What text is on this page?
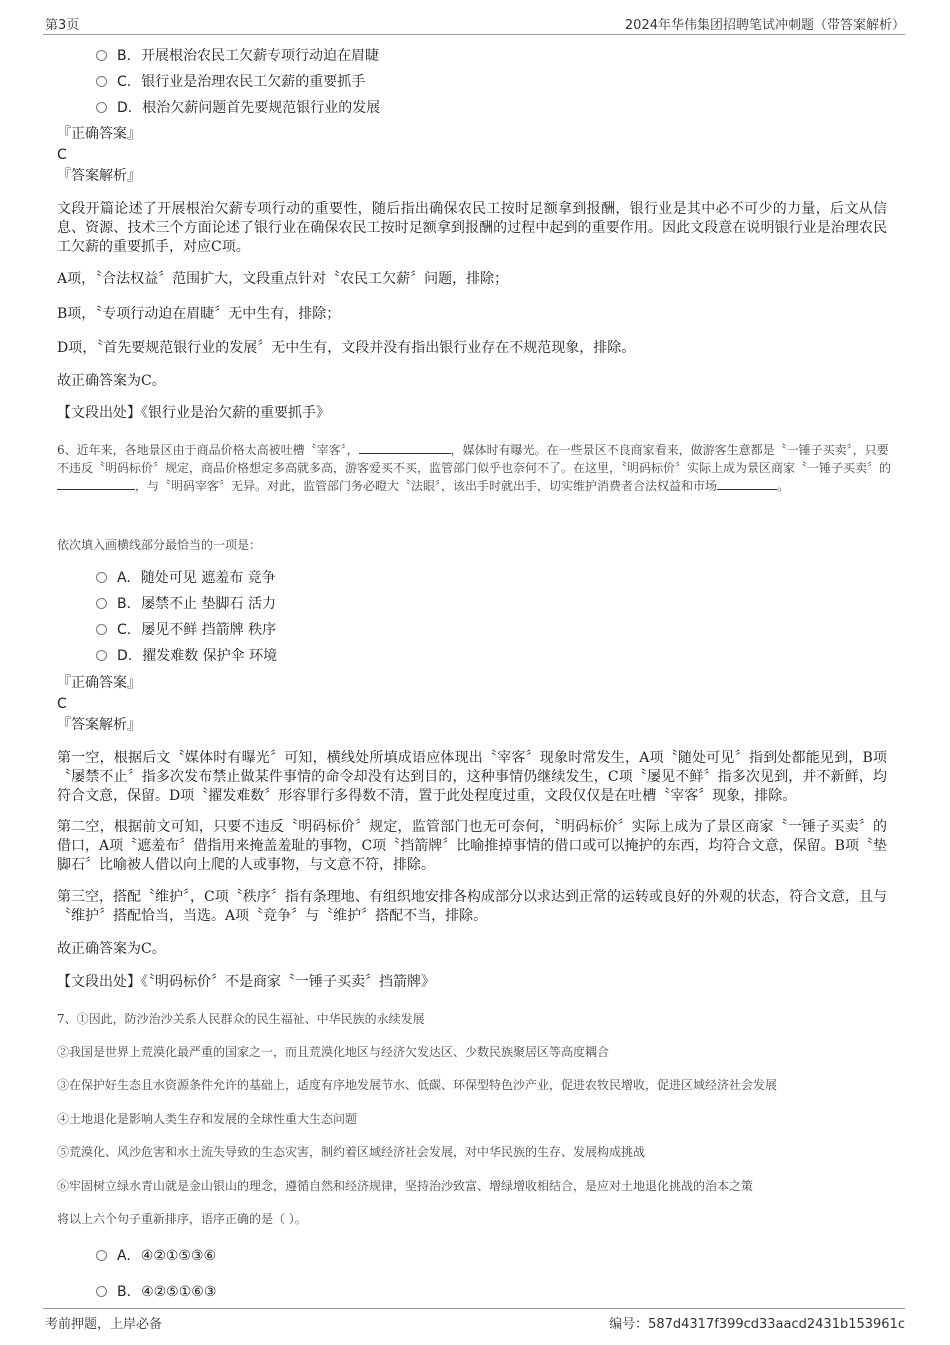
第3页	2024年华伟集团招聘笔试冲刺题（带答案解析）
B. 开展根治农民工欠薪专项行动迫在眉睫
C. 银行业是治理农民工欠薪的重要抓手
D. 根治欠薪问题首先要规范银行业的发展
『正确答案』
C
『答案解析』
文段开篇论述了开展根治欠薪专项行动的重要性，随后指出确保农民工按时足额拿到报酬，银行业是其中必不可少的力量，后文从信息、资源、技术三个方面论述了银行业在确保农民工按时足额拿到报酬的过程中起到的重要作用。因此文段意在说明银行业是治理农民工欠薪的重要抓手，对应C项。
A项，〝合法权益〞范围扩大，文段重点针对〝农民工欠薪〞问题，排除；
B项，〝专项行动迫在眉睫〞无中生有，排除；
D项，〝首先要规范银行业的发展〞无中生有，文段并没有指出银行业存在不规范现象，排除。
故正确答案为C。
【文段出处】《银行业是治欠薪的重要抓手》
6、近年来，各地景区由于商品价格太高被吐槽〝宰客〞，	，媒体时有曝光。在一些景区不良商家看来，做游客生意都是〝一锤子买卖〞，只要不违反〝明码标价〞规定，商品价格想定多高就多高，游客爱买不买，监管部门似乎也奈何不了。在这里，〝明码标价〞实际上成为景区商家〝一锤子买卖〞的，与〝明码宰客〞无异。对此，监管部门务必瞪大〝法眼〞，该出手时就出手，切实维护消费者合法权益和市场	。
依次填入画横线部分最恰当的一项是：
A. 随处可见 遮羞布 竞争
B. 屡禁不止 垫脚石 活力
C. 屡见不鲜 挡箭牌 秩序
D. 擢发难数 保护伞 环境
『正确答案』
C
『答案解析』
第一空，根据后文〝媒体时有曝光〞可知，横线处所填成语应体现出〝宰客〞现象时常发生，A项〝随处可见〞指到处都能见到，B项〝屡禁不止〞指多次发布禁止做某件事情的命令却没有达到目的，这种事情仍继续发生，C项〝屡见不鲜〞指多次见到，并不新鲜，均符合文意，保留。D项〝擢发难数〞形容罪行多得数不清，置于此处程度过重，文段仅仅是在吐槽〝宰客〞现象，排除。
第二空，根据前文可知，只要不违反〝明码标价〞规定，监管部门也无可奈何，〝明码标价〞实际上成为了景区商家〝一锤子买卖〞的借口，A项〝遮羞布〞借指用来掩盖羞耻的事物，C项〝挡箭牌〞比喻推掉事情的借口或可以掩护的东西，均符合文意，保留。B项〝垫脚石〞比喻被人借以向上爬的人或事物，与文意不符，排除。
第三空，搭配〝维护〞，C项〝秩序〞指有条理地、有组织地安排各构成部分以求达到正常的运转或良好的外观的状态，符合文意，且与〝维护〞搭配恰当，当选。A项〝竞争〞与〝维护〞搭配不当，排除。
故正确答案为C。
【文段出处】《〝明码标价〞不是商家〝一锤子买卖〞挡箭牌》
7、①因此，防沙治沙关系人民群众的民生福祉、中华民族的永续发展
②我国是世界上荒漠化最严重的国家之一，而且荒漠化地区与经济欠发达区、少数民族聚居区等高度耦合
③在保护好生态且水资源条件允许的基础上，适度有序地发展节水、低碳、环保型特色沙产业，促进农牧民增收，促进区域经济社会发展
④土地退化是影响人类生存和发展的全球性重大生态问题
⑤荒漠化、风沙危害和水土流失导致的生态灾害，制约着区域经济社会发展，对中华民族的生存、发展构成挑战
⑥牢固树立绿水青山就是金山银山的理念，遵循自然和经济规律，坚持治沙致富、增绿增收相结合，是应对土地退化挑战的治本之策
将以上六个句子重新排序，语序正确的是（ ）。
A. ④②①⑤③⑥
B. ④②⑤①⑥③
考前押题，上岸必备	编号：587d4317f399cd33aacd2431b153961c
